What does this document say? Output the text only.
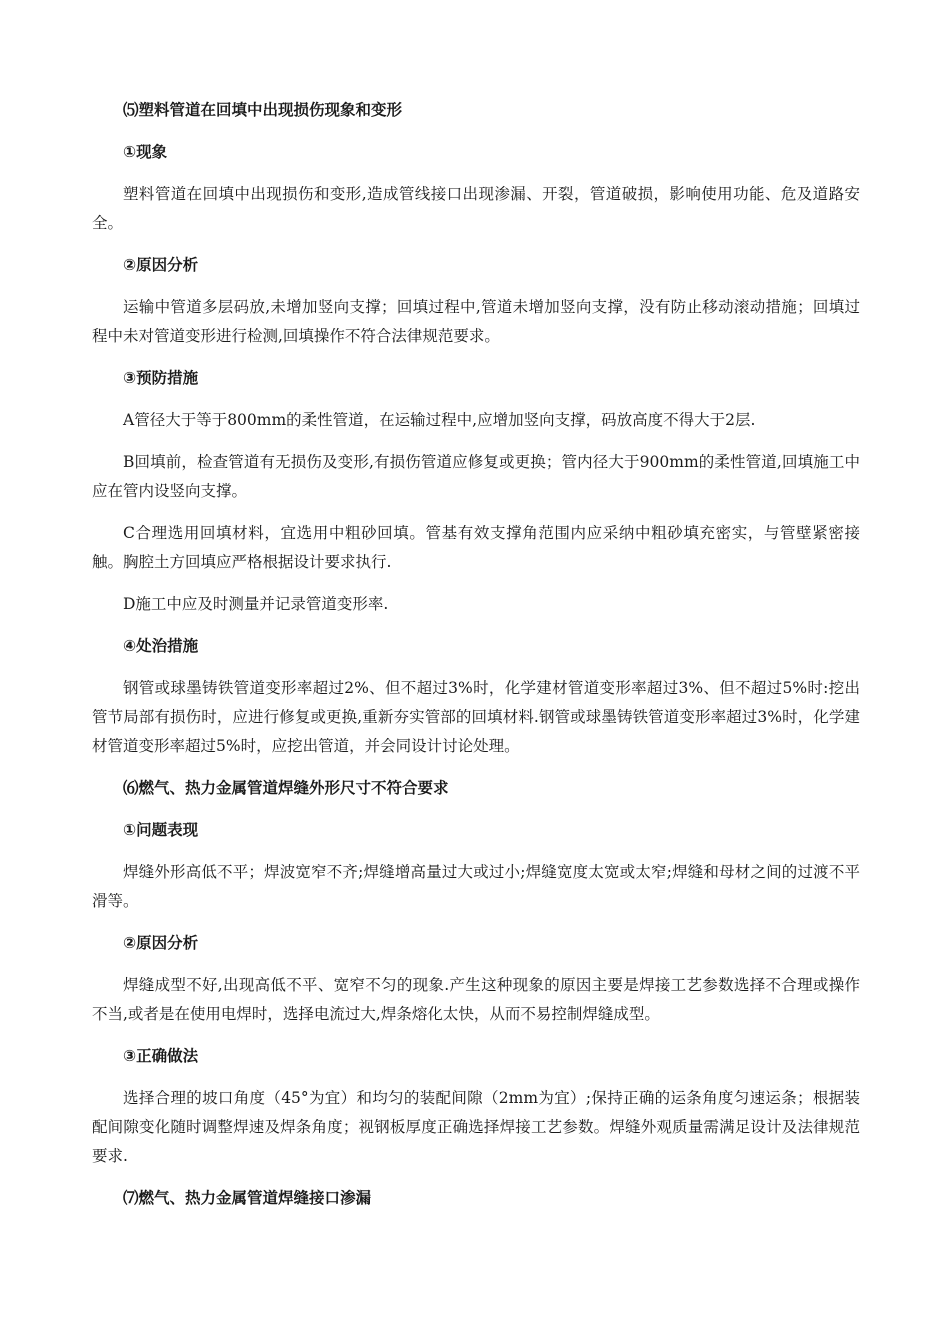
⑸塑料管道在回填中出现损伤现象和变形
①现象
塑料管道在回填中出现损伤和变形,造成管线接口出现渗漏、开裂，管道破损，影响使用功能、危及道路安全。
②原因分析
运输中管道多层码放,未增加竖向支撑；回填过程中,管道未增加竖向支撑，没有防止移动滚动措施；回填过程中未对管道变形进行检测,回填操作不符合法律规范要求。
③预防措施
A管径大于等于800mm的柔性管道，在运输过程中,应增加竖向支撑，码放高度不得大于2层.
B回填前，检查管道有无损伤及变形,有损伤管道应修复或更换；管内径大于900mm的柔性管道,回填施工中应在管内设竖向支撑。
C合理选用回填材料，宜选用中粗砂回填。管基有效支撑角范围内应采纳中粗砂填充密实，与管壁紧密接触。胸腔土方回填应严格根据设计要求执行.
D施工中应及时测量并记录管道变形率.
④处治措施
钢管或球墨铸铁管道变形率超过2%、但不超过3%时，化学建材管道变形率超过3%、但不超过5%时:挖出管节局部有损伤时，应进行修复或更换,重新夯实管部的回填材料.钢管或球墨铸铁管道变形率超过3%时，化学建材管道变形率超过5%时，应挖出管道，并会同设计讨论处理。
⑹燃气、热力金属管道焊缝外形尺寸不符合要求
①问题表现
焊缝外形高低不平；焊波宽窄不齐;焊缝增高量过大或过小;焊缝宽度太宽或太窄;焊缝和母材之间的过渡不平滑等。
②原因分析
焊缝成型不好,出现高低不平、宽窄不匀的现象.产生这种现象的原因主要是焊接工艺参数选择不合理或操作不当,或者是在使用电焊时，选择电流过大,焊条熔化太快，从而不易控制焊缝成型。
③正确做法
选择合理的坡口角度（45°为宜）和均匀的装配间隙（2mm为宜）;保持正确的运条角度匀速运条；根据装配间隙变化随时调整焊速及焊条角度；视钢板厚度正确选择焊接工艺参数。焊缝外观质量需满足设计及法律规范要求.
⑺燃气、热力金属管道焊缝接口渗漏
